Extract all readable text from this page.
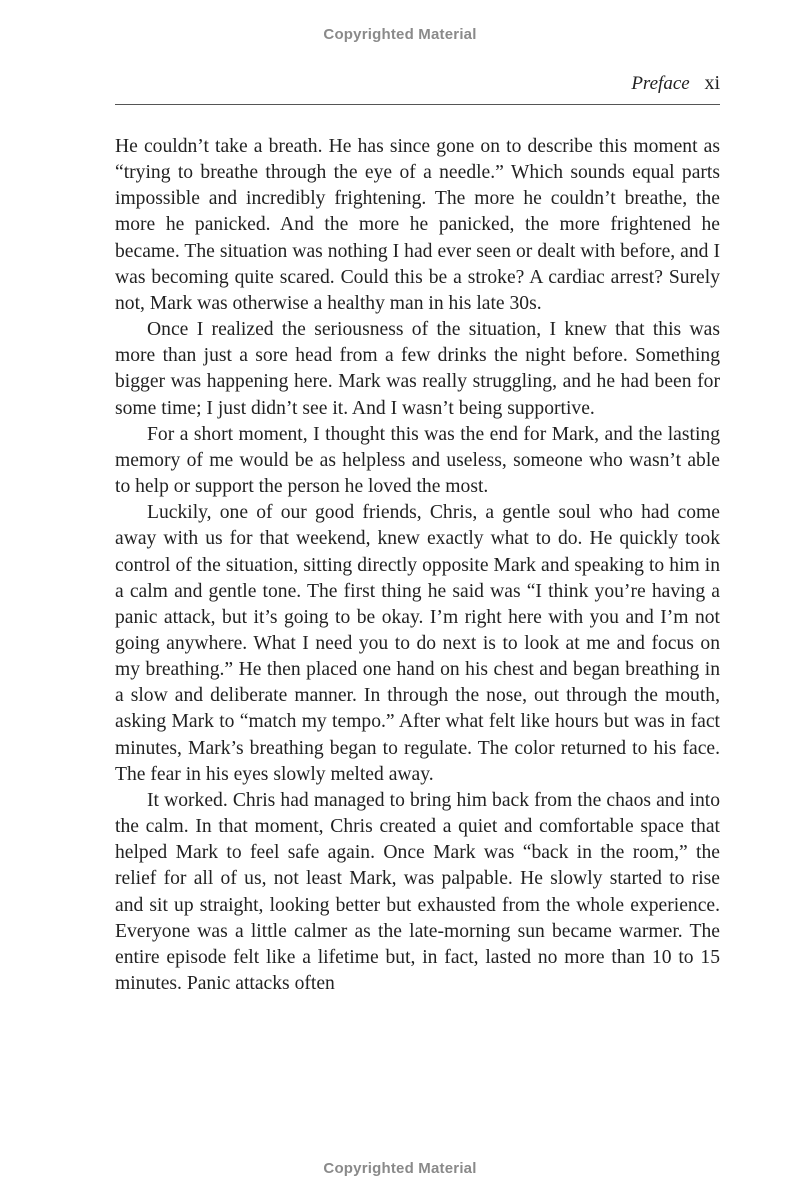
Copyrighted Material
Preface xi

He couldn’t take a breath. He has since gone on to describe this moment as “trying to breathe through the eye of a needle.” Which sounds equal parts impossible and incredibly frightening. The more he couldn’t breathe, the more he panicked. And the more he panicked, the more frightened he became. The situation was nothing I had ever seen or dealt with before, and I was becoming quite scared. Could this be a stroke? A cardiac arrest? Surely not, Mark was otherwise a healthy man in his late 30s.

Once I realized the seriousness of the situation, I knew that this was more than just a sore head from a few drinks the night before. Something bigger was happening here. Mark was really struggling, and he had been for some time; I just didn’t see it. And I wasn’t being supportive.

For a short moment, I thought this was the end for Mark, and the lasting memory of me would be as helpless and useless, someone who wasn’t able to help or support the person he loved the most.

Luckily, one of our good friends, Chris, a gentle soul who had come away with us for that weekend, knew exactly what to do. He quickly took control of the situation, sitting directly opposite Mark and speaking to him in a calm and gentle tone. The first thing he said was “I think you’re having a panic attack, but it’s going to be okay. I’m right here with you and I’m not going anywhere. What I need you to do next is to look at me and focus on my breathing.” He then placed one hand on his chest and began breathing in a slow and deliberate manner. In through the nose, out through the mouth, asking Mark to “match my tempo.” After what felt like hours but was in fact minutes, Mark’s breathing began to regulate. The color returned to his face. The fear in his eyes slowly melted away.

It worked. Chris had managed to bring him back from the chaos and into the calm. In that moment, Chris created a quiet and comfortable space that helped Mark to feel safe again. Once Mark was “back in the room,” the relief for all of us, not least Mark, was palpable. He slowly started to rise and sit up straight, looking better but exhausted from the whole experience. Everyone was a little calmer as the late-morning sun became warmer. The entire episode felt like a lifetime but, in fact, lasted no more than 10 to 15 minutes. Panic attacks often

Copyrighted Material
